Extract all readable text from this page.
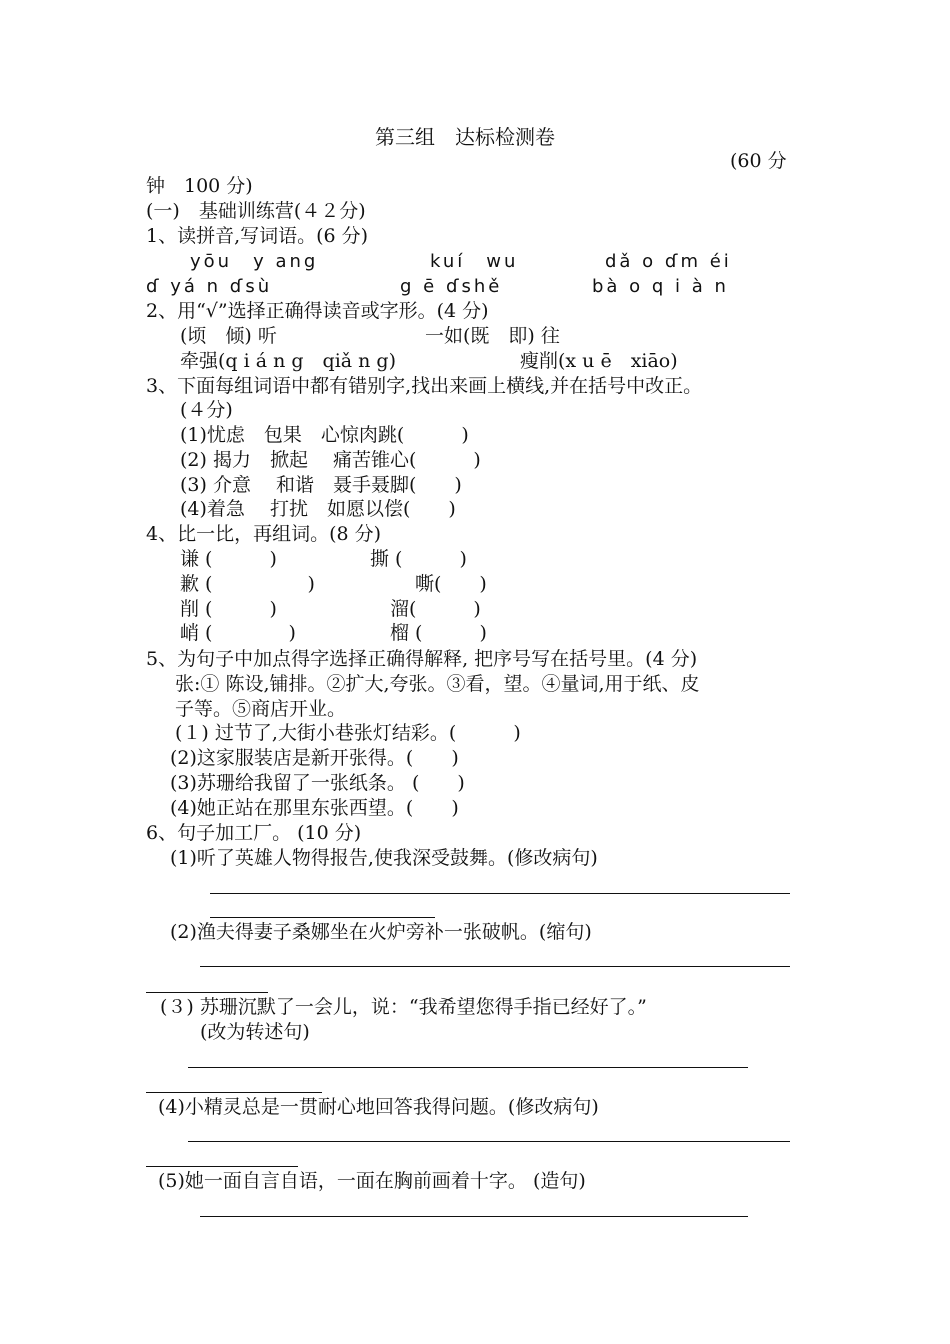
第三组　达标检测卷
(60 分
钟　100 分)
(一)　基础训练营(４２分)
1、读拼音,写词语。(6 分)
yōu　y ang	kuí　wu	dǎ o ɗm éi
ɗ yá n ɗsù	g ē ɗshě	bà o q i à n
2、用“√”选择正确得读音或字形。(4 分)
(顷　倾) 听	一如(既　即) 往
牵强(q i á n g　qiǎ n g)	瘦削(x u ē　xiāo)
3、下面每组词语中都有错别字,找出来画上横线,并在括号中改正。
(４分)
(1)忧虑　包果　心惊肉跳(　　　)
(2) 揭力　掀起　 痛苦锥心(　　　)
(3) 介意　 和谐　聂手聂脚(　　)
(4)着急　 打扰　如愿以偿(　　)
4、比一比，再组词。(8 分)
谦 (　　　)	撕 (　　　)
歉 (　　　　　)	嘶(　　)
削 (　　　)	溜(　　　)
峭 (　　　　)	榴 (　　　)
5、为句子中加点得字选择正确得解释, 把序号写在括号里。(4 分)
张:① 陈设,铺排。②扩大,夸张。③看，望。④量词,用于纸、皮
子等。⑤商店开业。
(１) 过节了,大街小巷张灯结彩。(　　　)
(2)这家服装店是新开张得。(　　)
(3)苏珊给我留了一张纸条。 (　　)
(4)她正站在那里东张西望。(　　)
6、句子加工厂。 (10 分)
(1)听了英雄人物得报告,使我深受鼓舞。(修改病句)
(2)渔夫得妻子桑娜坐在火炉旁补一张破帆。(缩句)
(３) 苏珊沉默了一会儿，说：“我希望您得手指已经好了。”
(改为转述句)
(4)小精灵总是一贯耐心地回答我得问题。(修改病句)
(5)她一面自言自语，一面在胸前画着十字。 (造句)
